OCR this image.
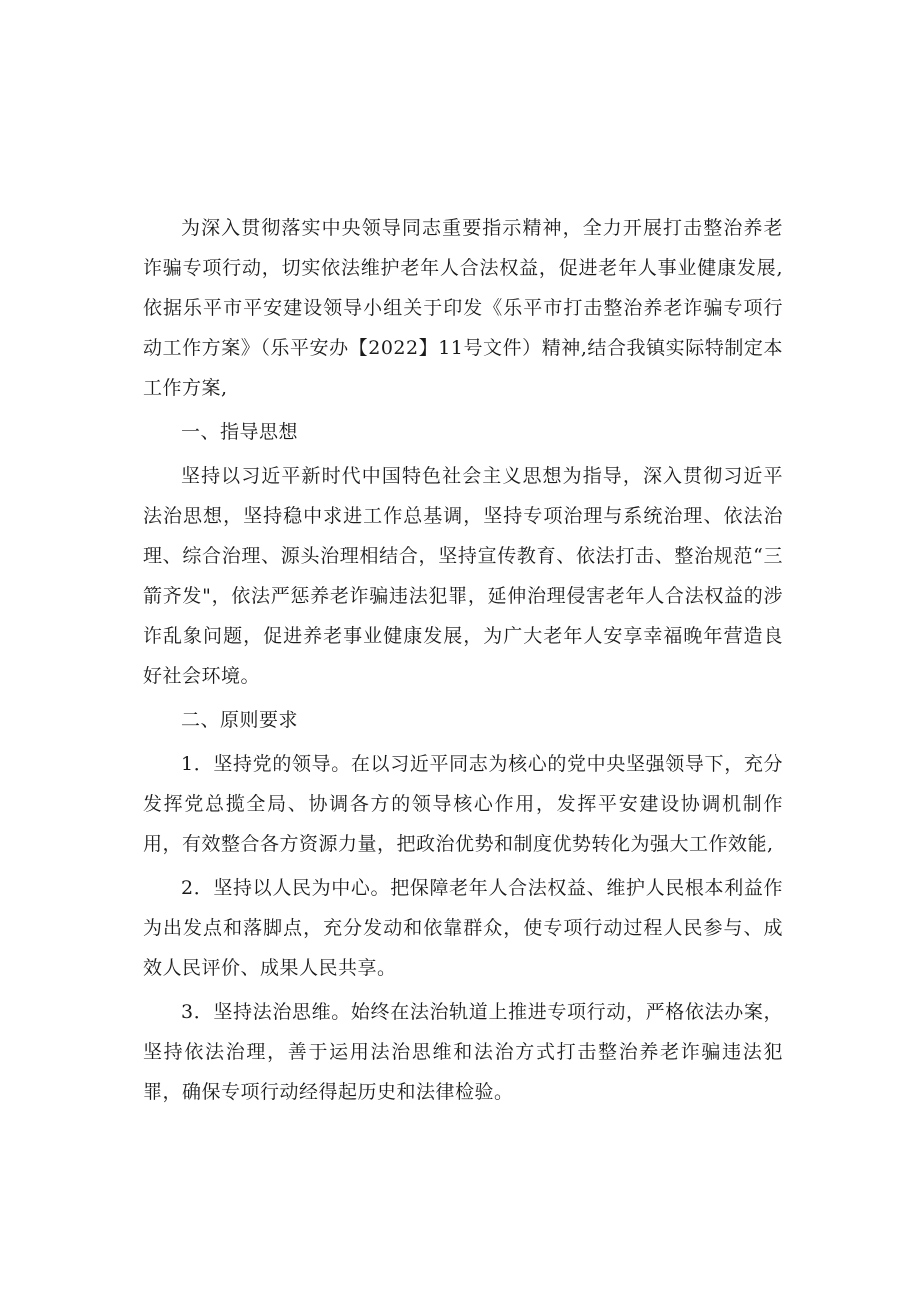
为深入贯彻落实中央领导同志重要指示精神，全力开展打击整治养老诈骗专项行动，切实依法维护老年人合法权益，促进老年人事业健康发展,依据乐平市平安建设领导小组关于印发《乐平市打击整治养老诈骗专项行动工作方案》（乐平安办【2022】11号文件）精神,结合我镇实际特制定本工作方案,

一、指导思想

坚持以习近平新时代中国特色社会主义思想为指导，深入贯彻习近平法治思想，坚持稳中求进工作总基调，坚持专项治理与系统治理、依法治理、综合治理、源头治理相结合，坚持宣传教育、依法打击、整治规范“三箭齐发"，依法严惩养老诈骗违法犯罪，延伸治理侵害老年人合法权益的涉诈乱象问题，促进养老事业健康发展，为广大老年人安享幸福晚年营造良好社会环境。

二、原则要求

1．坚持党的领导。在以习近平同志为核心的党中央坚强领导下，充分发挥党总揽全局、协调各方的领导核心作用，发挥平安建设协调机制作用，有效整合各方资源力量，把政治优势和制度优势转化为强大工作效能,

2．坚持以人民为中心。把保障老年人合法权益、维护人民根本利益作为出发点和落脚点，充分发动和依靠群众，使专项行动过程人民参与、成效人民评价、成果人民共享。

3．坚持法治思维。始终在法治轨道上推进专项行动，严格依法办案，坚持依法治理，善于运用法治思维和法治方式打击整治养老诈骗违法犯罪，确保专项行动经得起历史和法律检验。
